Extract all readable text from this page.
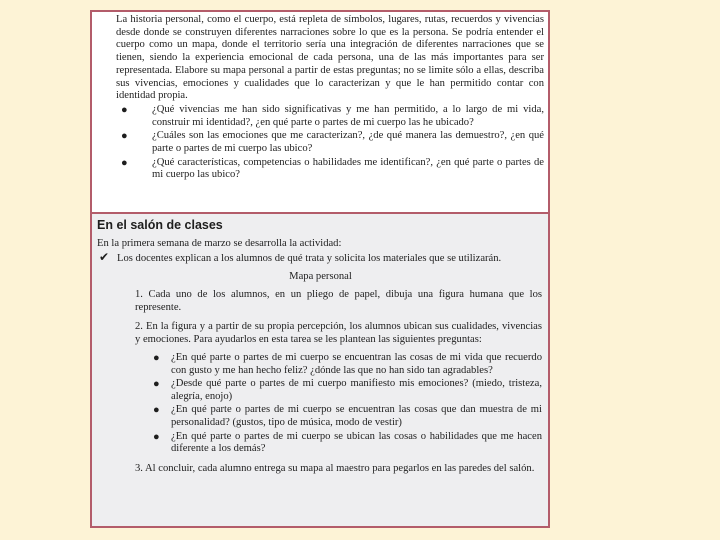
La historia personal, como el cuerpo, está repleta de símbolos, lugares, rutas, recuerdos y vivencias desde donde se construyen diferentes narraciones sobre lo que es la persona. Se podría entender el cuerpo como un mapa, donde el territorio sería una integración de diferentes narraciones que se tienen, siendo la experiencia emocional de cada persona, una de las más importantes para ser representada. Elabore su mapa personal a partir de estas preguntas; no se limite sólo a ellas, describa sus vivencias, emociones y cualidades que lo caracterizan y que le han permitido contar con identidad propia.

● ¿Qué vivencias me han sido significativas y me han permitido, a lo largo de mi vida, construir mi identidad?, ¿en qué parte o partes de mi cuerpo las he ubicado?
● ¿Cuáles son las emociones que me caracterizan?, ¿de qué manera las demuestro?, ¿en qué parte o partes de mi cuerpo las ubico?
● ¿Qué características, competencias o habilidades me identifican?, ¿en qué parte o partes de mi cuerpo las ubico?
En el salón de clases
En la primera semana de marzo se desarrolla la actividad:
✔ Los docentes explican a los alumnos de qué trata y solicita los materiales que se utilizarán.
Mapa personal

1. Cada uno de los alumnos, en un pliego de papel, dibuja una figura humana que los represente.

2. En la figura y a partir de su propia percepción, los alumnos ubican sus cualidades, vivencias y emociones. Para ayudarlos en esta tarea se les plantean las siguientes preguntas:

● ¿En qué parte o partes de mi cuerpo se encuentran las cosas de mi vida que recuerdo con gusto y me han hecho feliz? ¿dónde las que no han sido tan agradables?
● ¿Desde qué parte o partes de mi cuerpo manifiesto mis emociones? (miedo, tristeza, alegría, enojo)
● ¿En qué parte o partes de mi cuerpo se encuentran las cosas que dan muestra de mi personalidad? (gustos, tipo de música, modo de vestir)
● ¿En qué parte o partes de mi cuerpo se ubican las cosas o habilidades que me hacen diferente a los demás?

3. Al concluir, cada alumno entrega su mapa al maestro para pegarlos en las paredes del salón.
